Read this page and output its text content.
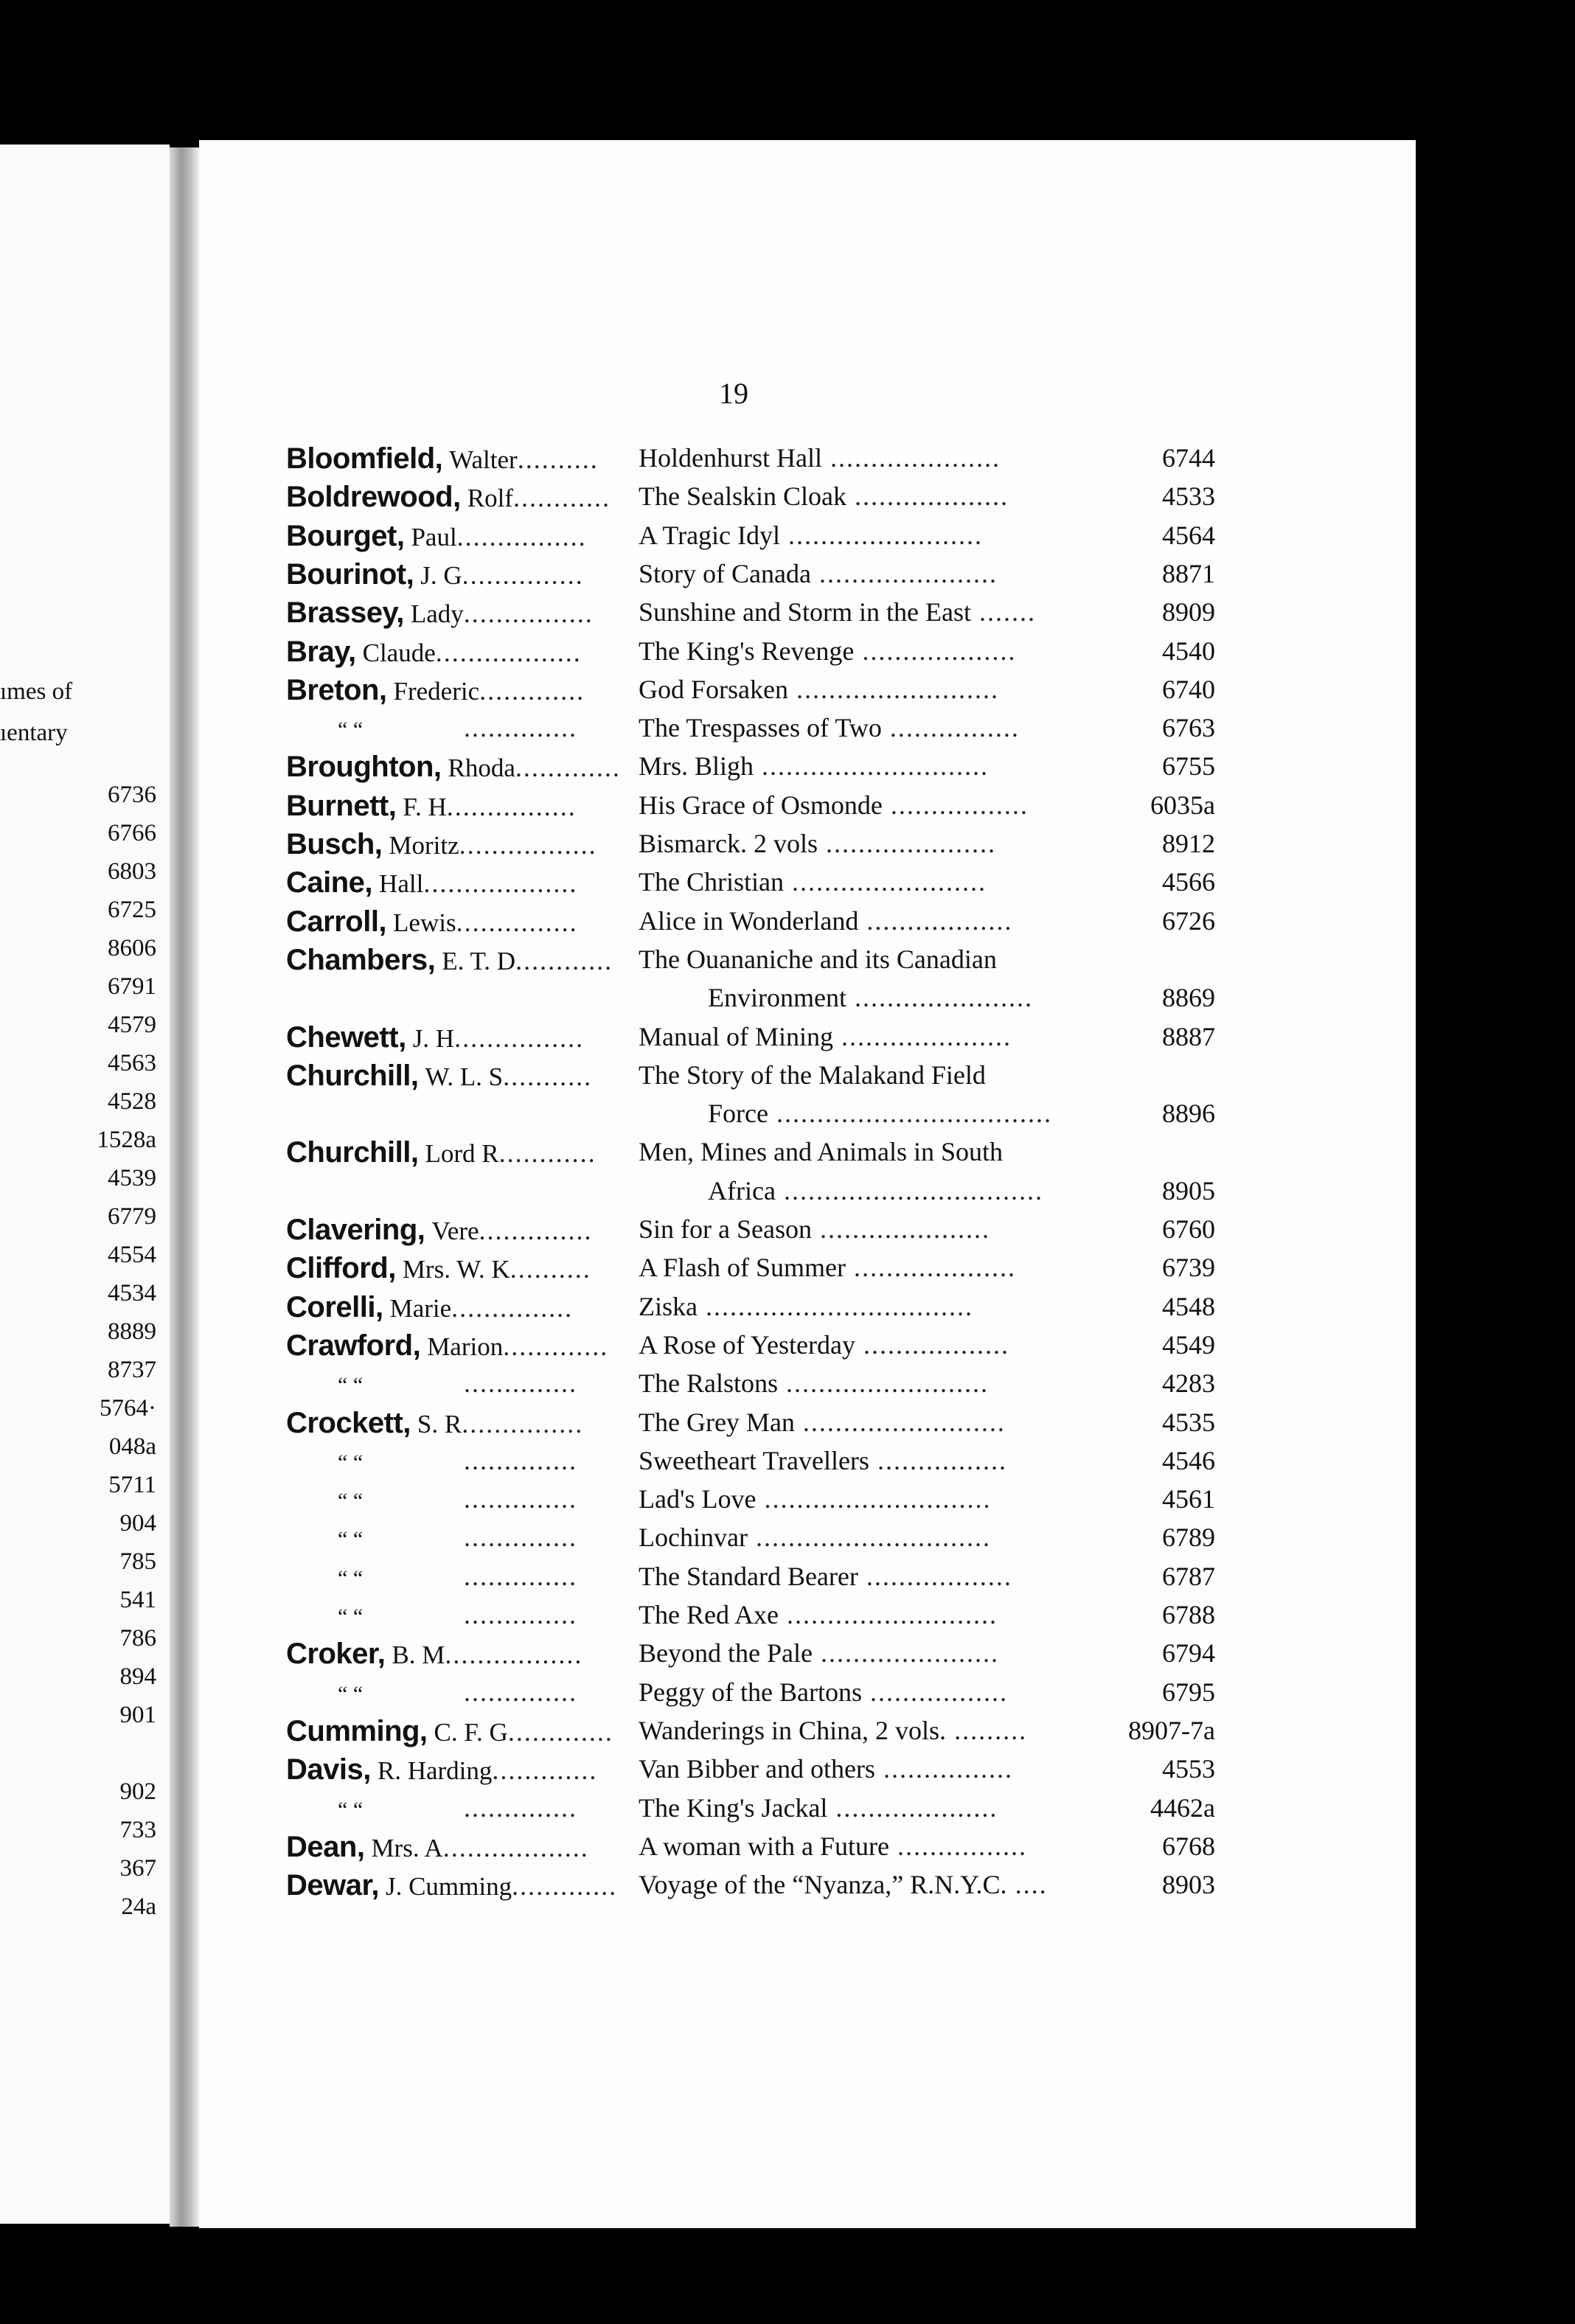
ımes of
ıentary
6736
6766
6803
6725
8606
6791
4579
4563
4528
1528a
4539
6779
4554
4534
8889
8737
5764·
048a
5711
904
785
541
786
894
901
902
733
367
24a
19
Bloomfield, Walter..........	Holdenhurst Hall .....................	6744
Boldrewood, Rolf............	The Sealskin Cloak ...................	4533
Bourget, Paul................	A Tragic Idyl ........................	4564
Bourinot, J. G...............	Story of Canada ......................	8871
Brassey, Lady................	Sunshine and Storm in the East .......	8909
Bray, Claude..................	The King's Revenge ...................	4540
Breton, Frederic.............	God Forsaken .........................	6740
“ “	..............	The Trespasses of Two ................	6763
Broughton, Rhoda............. Mrs. Bligh ............................	6755
Burnett, F. H................	His Grace of Osmonde .................	6035a
Busch, Moritz.................	Bismarck. 2 vols .....................	8912
Caine, Hall...................	The Christian ........................	4566
Carroll, Lewis...............	Alice in Wonderland ..................	6726
Chambers, E. T. D............ The Ouananiche and its Canadian
Environment ......................	8869
Chewett, J. H................	Manual of Mining .....................	8887
Churchill, W. L. S...........	The Story of the Malakand Field
Force ..................................	8896
Churchill, Lord R............	Men, Mines and Animals in South
Africa ................................	8905
Clavering, Vere..............	Sin for a Season .....................	6760
Clifford, Mrs. W. K..........	A Flash of Summer ....................	6739
Corelli, Marie...............	Ziska .................................	4548
Crawford, Marion.............	A Rose of Yesterday ..................	4549
“ “	..............	The Ralstons .........................	4283
Crockett, S. R...............	The Grey Man .........................	4535
“ “	..............	Sweetheart Travellers ................	4546
“ “	..............	Lad's Love ............................	4561
“ “	..............	Lochinvar .............................	6789
“ “	..............	The Standard Bearer ..................	6787
“ “	..............	The Red Axe ..........................	6788
Croker, B. M.................	Beyond the Pale ......................	6794
“ “	..............	Peggy of the Bartons .................	6795
Cumming, C. F. G............. Wanderings in China, 2 vols. .........	8907-7a
Davis, R. Harding.............	Van Bibber and others ................	4553
“ “	..............	The King's Jackal ....................	4462a
Dean, Mrs. A..................	A woman with a Future ................	6768
Dewar, J. Cumming............. Voyage of the “Nyanza,” R.N.Y.C. ....	8903
